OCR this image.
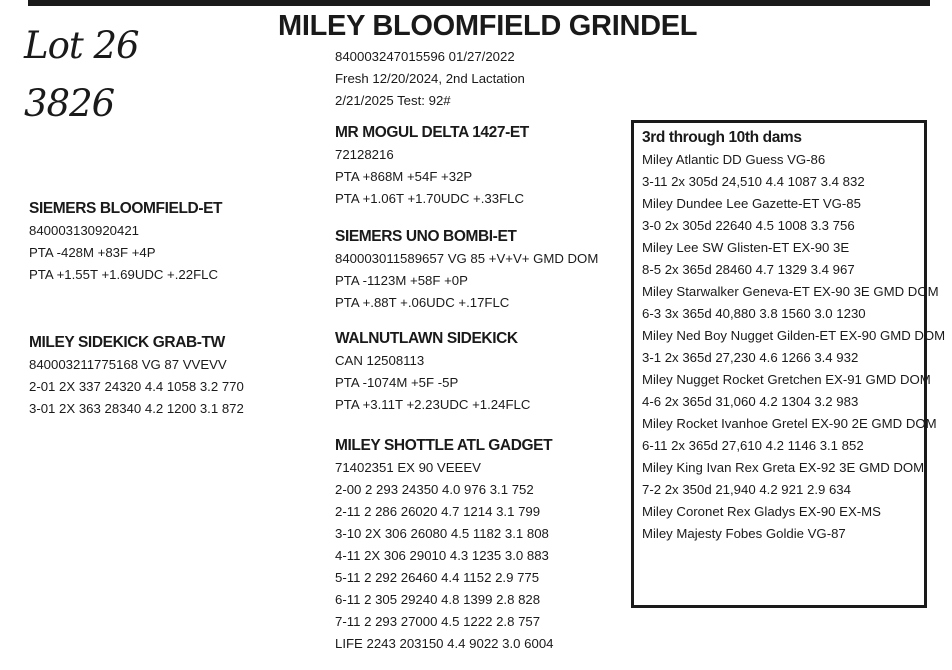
MILEY BLOOMFIELD GRINDEL
Lot 26
3826
840003247015596 01/27/2022
Fresh 12/20/2024, 2nd Lactation
2/21/2025 Test: 92#
SIEMERS BLOOMFIELD-ET
840003130920421
PTA -428M +83F +4P
PTA +1.55T +1.69UDC +.22FLC
MILEY SIDEKICK GRAB-TW
840003211775168 VG 87 VVEVV
2-01 2X 337 24320 4.4 1058 3.2 770
3-01 2X 363 28340 4.2 1200 3.1 872
MR MOGUL DELTA 1427-ET
72128216
PTA +868M +54F +32P
PTA +1.06T +1.70UDC +.33FLC
SIEMERS UNO BOMBI-ET
840003011589657 VG 85 +V+V+ GMD DOM
PTA -1123M +58F +0P
PTA +.88T +.06UDC +.17FLC
WALNUTLAWN SIDEKICK
CAN 12508113
PTA -1074M +5F -5P
PTA +3.11T +2.23UDC +1.24FLC
MILEY SHOTTLE ATL GADGET
71402351 EX 90 VEEEV
2-00 2 293 24350 4.0 976 3.1 752
2-11 2 286 26020 4.7 1214 3.1 799
3-10 2X 306 26080 4.5 1182 3.1 808
4-11 2X 306 29010 4.3 1235 3.0 883
5-11 2 292 26460 4.4 1152 2.9 775
6-11 2 305 29240 4.8 1399 2.8 828
7-11 2 293 27000 4.5 1222 2.8 757
LIFE 2243 203150 4.4 9022 3.0 6004
3rd through 10th dams
Miley Atlantic DD Guess VG-86
3-11 2x 305d 24,510 4.4 1087 3.4 832
Miley Dundee Lee Gazette-ET VG-85
3-0 2x 305d 22640 4.5 1008 3.3 756
Miley Lee SW Glisten-ET EX-90 3E
8-5 2x 365d 28460 4.7 1329 3.4 967
Miley Starwalker Geneva-ET EX-90 3E GMD DOM
6-3 3x 365d 40,880 3.8 1560 3.0 1230
Miley Ned Boy Nugget Gilden-ET EX-90 GMD DOM
3-1 2x 365d 27,230 4.6 1266 3.4 932
Miley Nugget Rocket Gretchen EX-91 GMD DOM
4-6 2x 365d 31,060 4.2 1304 3.2 983
Miley Rocket Ivanhoe Gretel EX-90 2E GMD DOM
6-11 2x 365d 27,610 4.2 1146 3.1 852
Miley King Ivan Rex Greta EX-92 3E GMD DOM
7-2 2x 350d 21,940 4.2 921 2.9 634
Miley Coronet Rex Gladys EX-90 EX-MS
Miley Majesty Fobes Goldie VG-87
